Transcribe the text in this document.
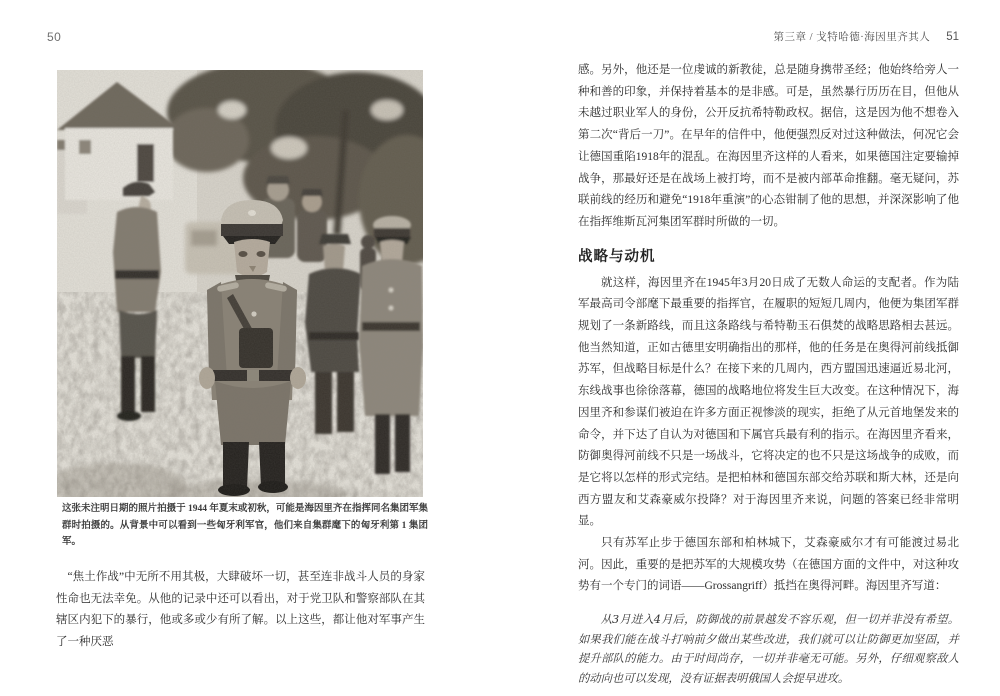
50
这张未注明日期的照片拍摄于 1944 年夏末或初秋，可能是海因里齐在指挥同名集团军集群时拍摄的。从背景中可以看到一些匈牙利军官，他们来自集群麾下的匈牙利第 1 集团军。
“焦土作战”中无所不用其极，大肆破坏一切，甚至连非战斗人员的身家性命也无法幸免。从他的记录中还可以看出，对于党卫队和警察部队在其辖区内犯下的暴行，他或多或少有所了解。以上这些，都让他对军事产生了一种厌恶
第三章 / 戈特哈德·海因里齐其人 51

感。另外，他还是一位虔诚的新教徒，总是随身携带圣经；他始终给旁人一种和善的印象，并保持着基本的是非感。可是，虽然暴行历历在目，但他从未越过职业军人的身份，公开反抗希特勒政权。据信，这是因为他不想卷入第二次“背后一刀”。在早年的信件中，他便强烈反对过这种做法，何况它会让德国重陷1918年的混乱。在海因里齐这样的人看来，如果德国注定要输掉战争，那最好还是在战场上被打垮，而不是被内部革命推翻。毫无疑问，苏联前线的经历和避免“1918年重演”的心态钳制了他的思想，并深深影响了他在指挥维斯瓦河集团军群时所做的一切。

战略与动机

就这样，海因里齐在1945年3月20日成了无数人命运的支配者。作为陆军最高司令部麾下最重要的指挥官，在履职的短短几周内，他便为集团军群规划了一条新路线，而且这条路线与希特勒玉石俱焚的战略思路相去甚远。他当然知道，正如古德里安明确指出的那样，他的任务是在奥得河前线抵御苏军，但战略目标是什么？在接下来的几周内，西方盟国迅速逼近易北河，东线战事也徐徐落幕，德国的战略地位将发生巨大改变。在这种情况下，海因里齐和参谋们被迫在许多方面正视惨淡的现实，拒绝了从元首地堡发来的命令，并下达了自认为对德国和下属官兵最有利的指示。在海因里齐看来，防御奥得河前线不只是一场战斗，它将决定的也不只是这场战争的成败，而是它将以怎样的形式完结。是把柏林和德国东部交给苏联和斯大林，还是向西方盟友和艾森豪威尔投降？对于海因里齐来说，问题的答案已经非常明显。

只有苏军止步于德国东部和柏林城下，艾森豪威尔才有可能渡过易北河。因此，重要的是把苏军的大规模攻势（在德国方面的文件中，对这种攻势有一个专门的词语——Grossangriff）抵挡在奥得河畔。海因里齐写道：

从3月进入4月后，防御战的前景越发不容乐观，但一切并非没有希望。如果我们能在战斗打响前夕做出某些改进，我们就可以让防御更加坚固，并提升部队的能力。由于时间尚存，一切并非毫无可能。另外，仔细观察敌人的动向也可以发现，没有证据表明俄国人会提早进攻。
